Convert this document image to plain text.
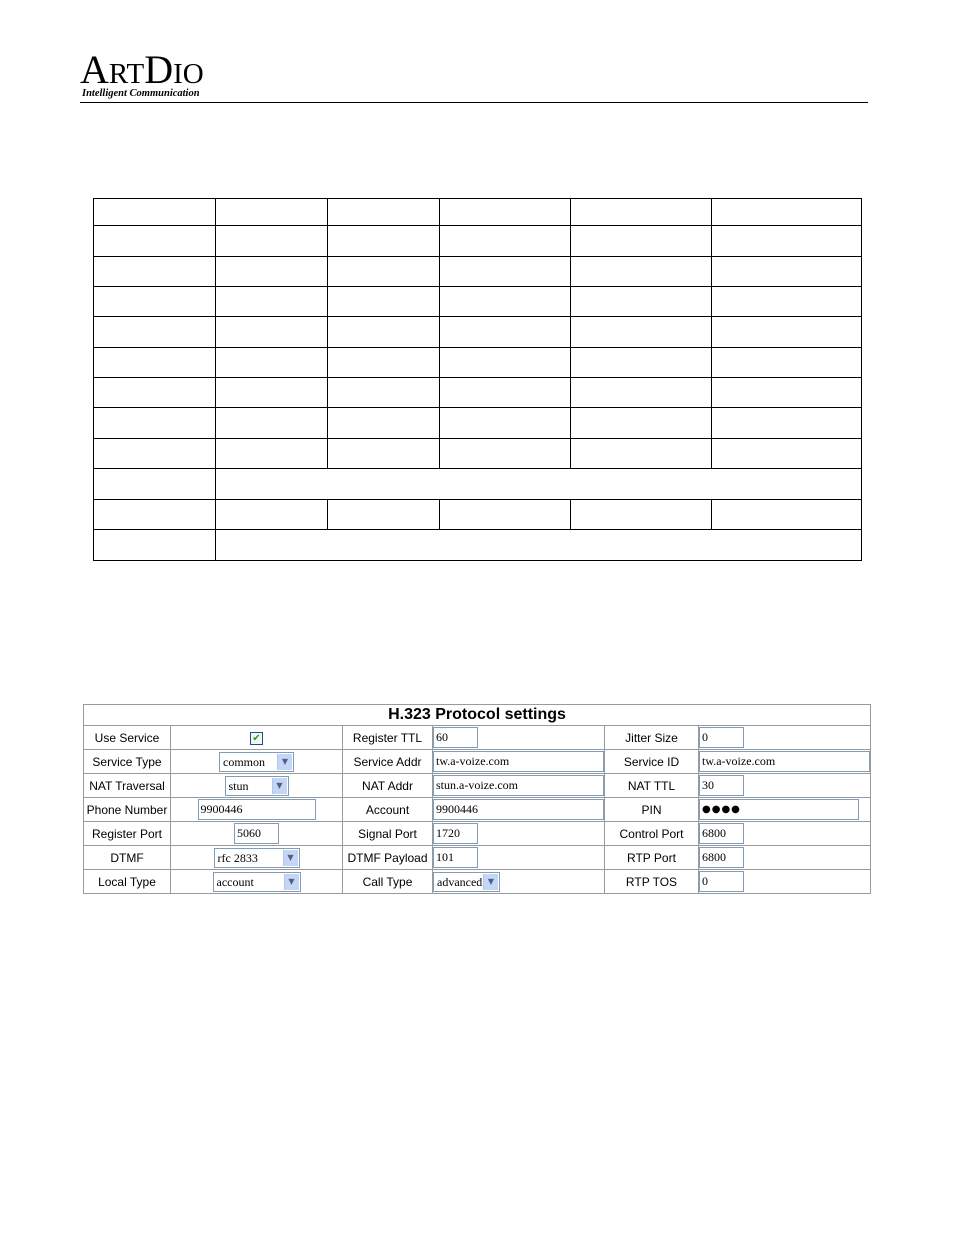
ARTDIO
Intelligent Communication

H.323 Protocol settings					
Use Service	✔	Register TTL	60	Jitter Size	0
Service Type	common ▼	Service Addr	tw.a-voize.com	Service ID	tw.a-voize.com
NAT Traversal	stun ▼	NAT Addr	stun.a-voize.com	NAT TTL	30
Phone Number	9900446	Account	9900446	PIN	●●●●
Register Port	5060	Signal Port	1720	Control Port	6800
DTMF	rfc 2833 ▼	DTMF Payload	101	RTP Port	6800
Local Type	account ▼	Call Type	advanced ▼	RTP TOS	0
